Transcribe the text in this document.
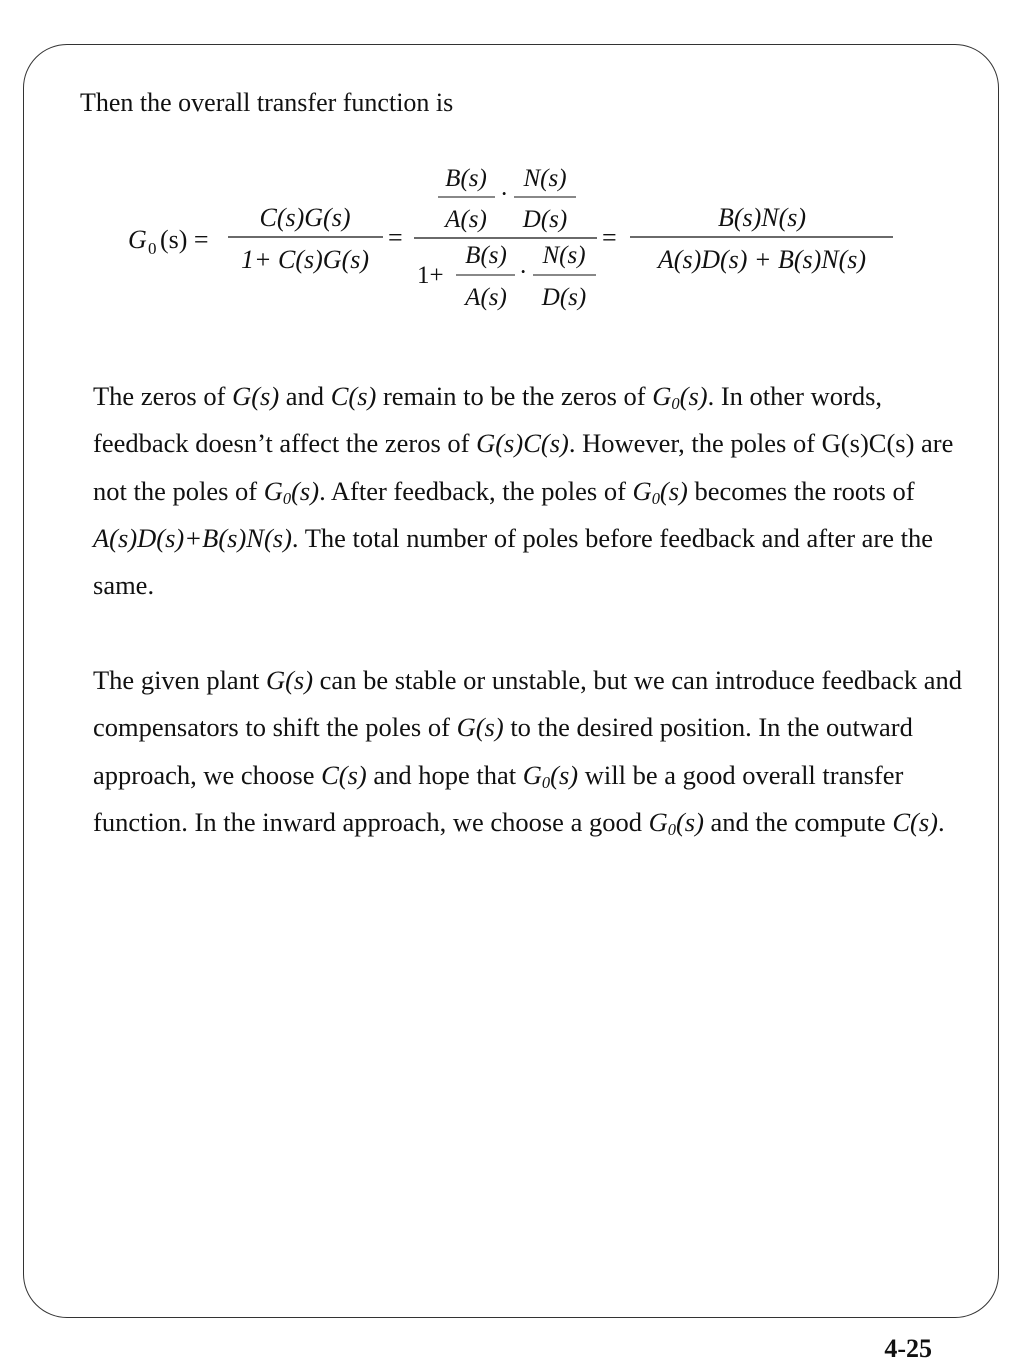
Then the overall transfer function is
G 0 (s) =
C(s)G(s)
1+ C(s)G(s)
=
B(s)
A(s)
·
N(s)
D(s)
1+
B(s)
A(s)
·
N(s)
D(s)
=
B(s)N(s)
A(s)D(s) + B(s)N(s)

The zeros of G(s) and C(s) remain to be the zeros of $G_0(s)$. In other words, feedback doesn’t affect the zeros of G(s)C(s). However, the poles of G(s)C(s) are not the poles of $G_0(s)$. After feedback, the poles of $G_0(s)$ becomes the roots of A(s)D(s)+B(s)N(s). The total number of poles before feedback and after are the same.

The given plant G(s) can be stable or unstable, but we can introduce feedback and compensators to shift the poles of G(s) to the desired position. In the outward approach, we choose C(s) and hope that $G_0(s)$ will be a good overall transfer function. In the inward approach, we choose a good $G_0(s)$ and the compute C(s).

4-25
